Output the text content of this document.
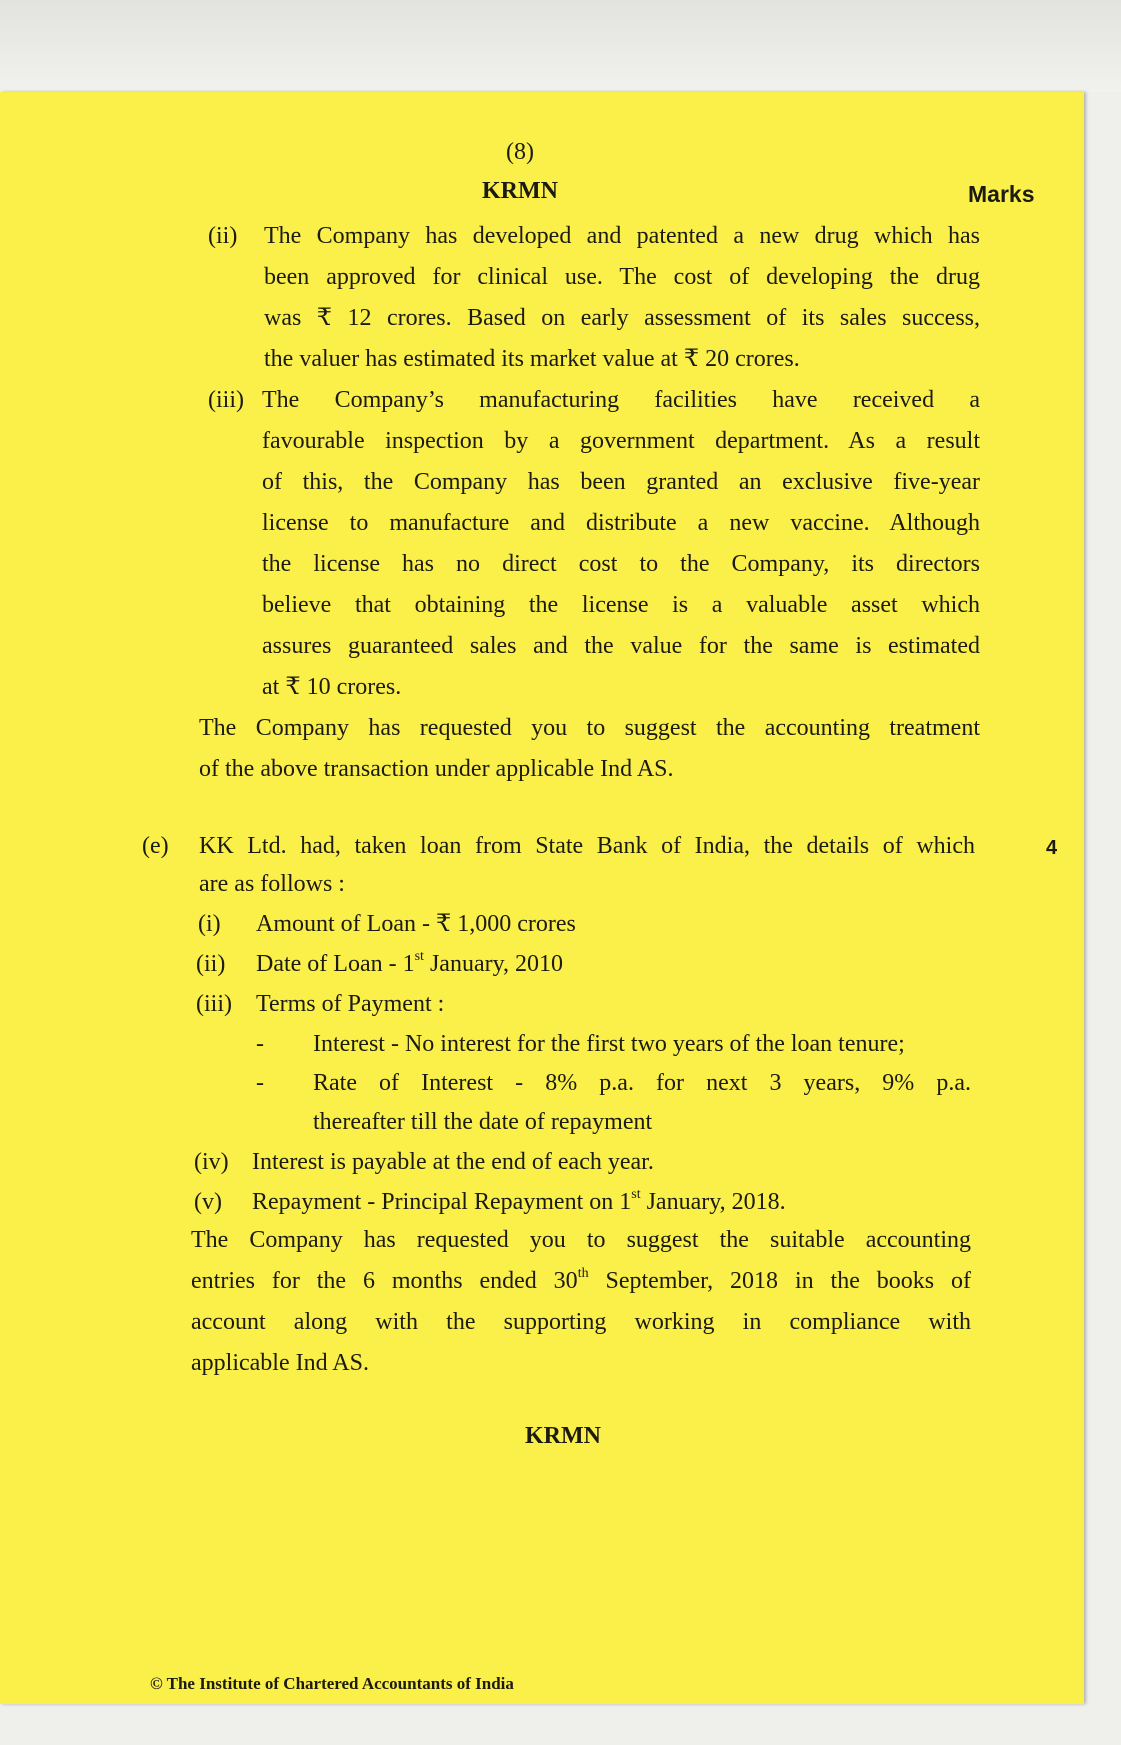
(8)
KRMN	Marks
(ii) The Company has developed and patented a new drug which has
been approved for clinical use. The cost of developing the drug
was ₹ 12 crores. Based on early assessment of its sales success,
the valuer has estimated its market value at ₹ 20 crores.
(iii) The Company’s manufacturing facilities have received a
favourable inspection by a government department. As a result
of this, the Company has been granted an exclusive five-year
license to manufacture and distribute a new vaccine. Although
the license has no direct cost to the Company, its directors
believe that obtaining the license is a valuable asset which
assures guaranteed sales and the value for the same is estimated
at ₹ 10 crores.
The Company has requested you to suggest the accounting treatment
of the above transaction under applicable Ind AS.
(e) KK Ltd. had, taken loan from State Bank of India, the details of which	4
are as follows :
(i) Amount of Loan - ₹ 1,000 crores
(ii) Date of Loan - 1st January, 2010
(iii) Terms of Payment :
- Interest - No interest for the first two years of the loan tenure;
- Rate of Interest - 8% p.a. for next 3 years, 9% p.a.
thereafter till the date of repayment
(iv) Interest is payable at the end of each year.
(v) Repayment - Principal Repayment on 1st January, 2018.
The Company has requested you to suggest the suitable accounting
entries for the 6 months ended 30th September, 2018 in the books of
account along with the supporting working in compliance with
applicable Ind AS.
KRMN
© The Institute of Chartered Accountants of India
